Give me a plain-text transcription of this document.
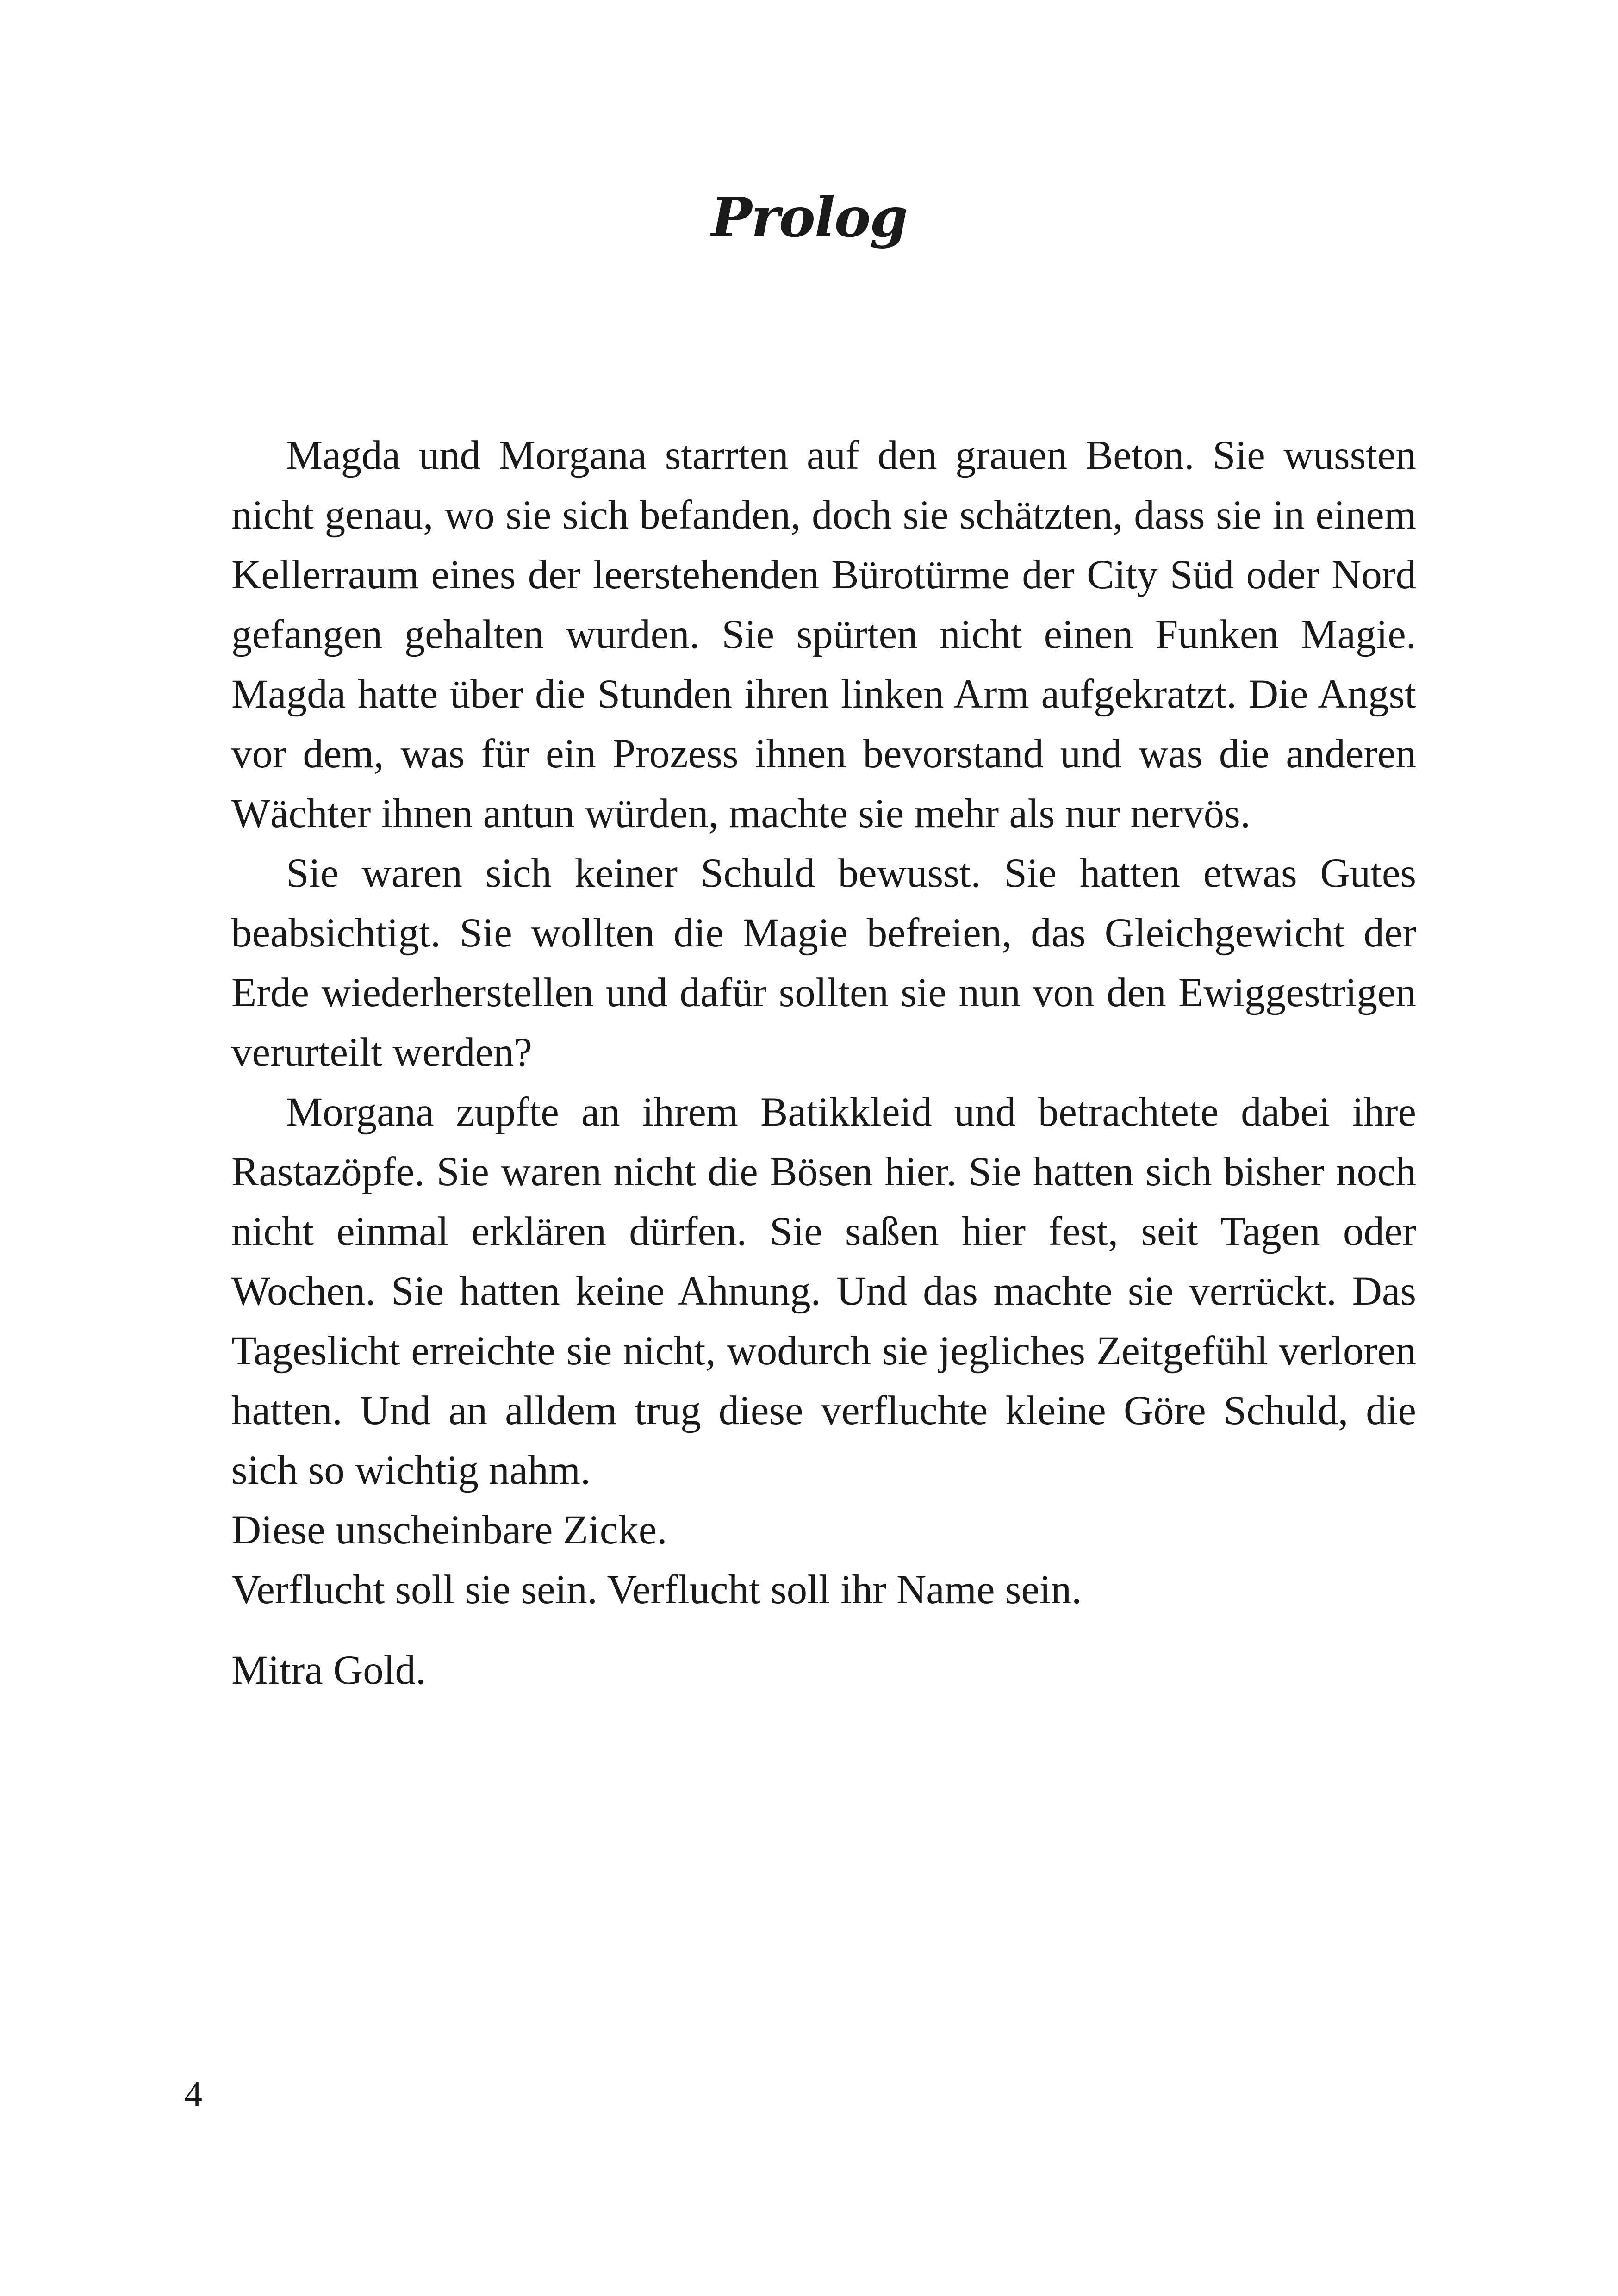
Prolog

Magda und Morgana starrten auf den grauen Beton. Sie wussten nicht genau, wo sie sich befanden, doch sie schätzten, dass sie in einem Kellerraum eines der leerstehenden Bürotürme der City Süd oder Nord gefangen gehalten wurden. Sie spürten nicht einen Funken Magie. Magda hatte über die Stunden ihren linken Arm aufgekratzt. Die Angst vor dem, was für ein Prozess ihnen bevorstand und was die anderen Wächter ihnen antun würden, machte sie mehr als nur nervös.

Sie waren sich keiner Schuld bewusst. Sie hatten etwas Gutes beabsichtigt. Sie wollten die Magie befreien, das Gleichgewicht der Erde wiederherstellen und dafür sollten sie nun von den Ewiggestrigen verurteilt werden?

Morgana zupfte an ihrem Batikkleid und betrachtete dabei ihre Rastazöpfe. Sie waren nicht die Bösen hier. Sie hatten sich bisher noch nicht einmal erklären dürfen. Sie saßen hier fest, seit Tagen oder Wochen. Sie hatten keine Ahnung. Und das machte sie verrückt. Das Tageslicht erreichte sie nicht, wodurch sie jegliches Zeitgefühl verloren hatten. Und an alldem trug diese verfluchte kleine Göre Schuld, die sich so wichtig nahm.

Diese unscheinbare Zicke.

Verflucht soll sie sein. Verflucht soll ihr Name sein.

Mitra Gold.

4
